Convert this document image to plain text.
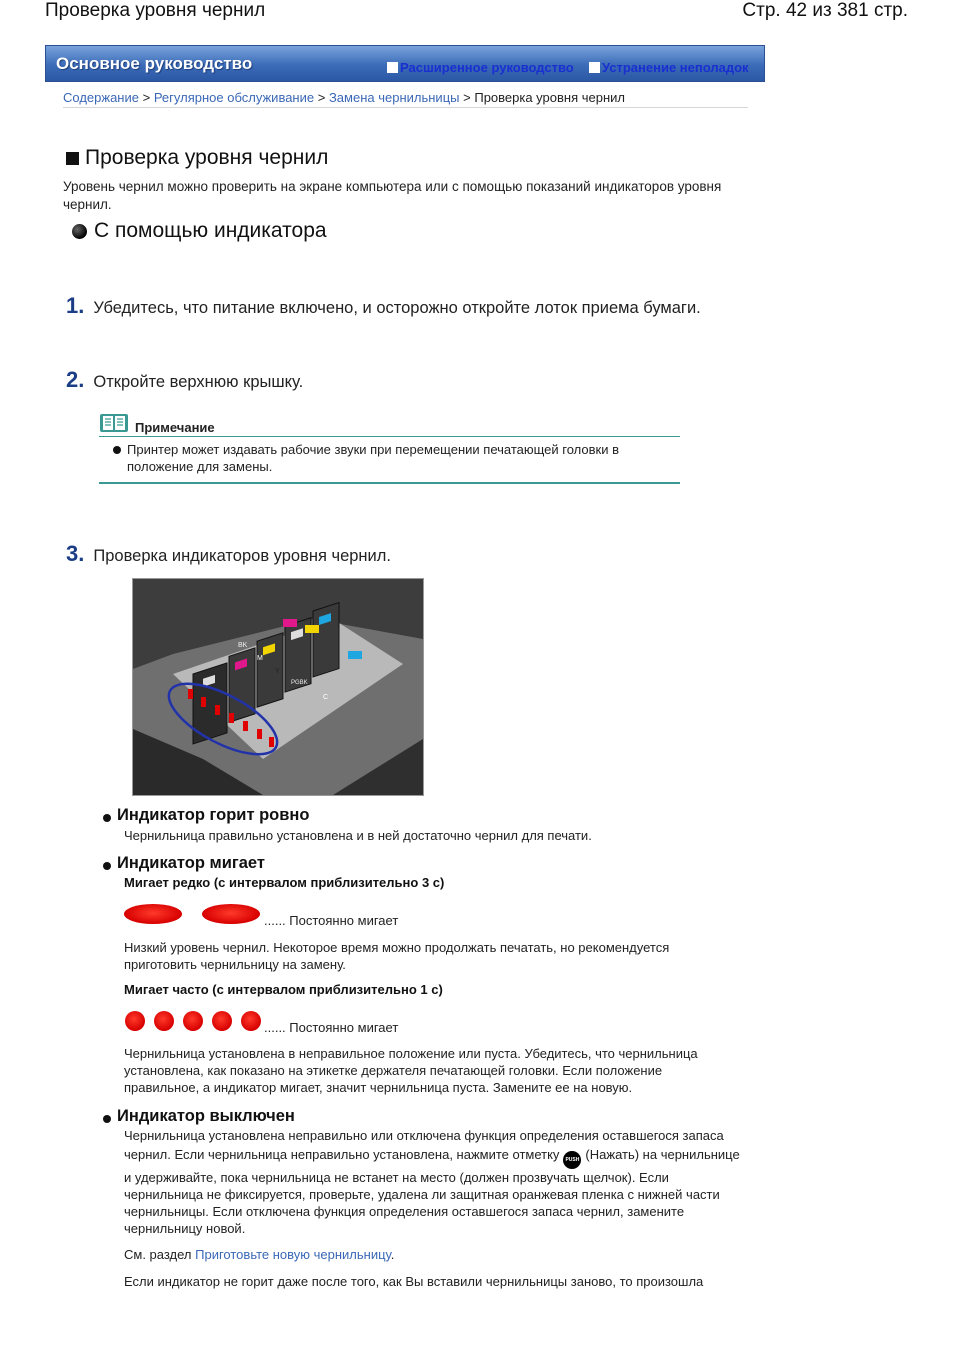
Проверка уровня чернил	Стр. 42 из 381 стр.
Основное руководство	Расширенное руководство Устранение неполадок
Содержание > Регулярное обслуживание > Замена чернильницы > Проверка уровня чернил
Проверка уровня чернил
Уровень чернил можно проверить на экране компьютера или с помощью показаний индикаторов уровня чернил.
С помощью индикатора
1. Убедитесь, что питание включено, и осторожно откройте лоток приема бумаги.
2. Откройте верхнюю крышку.
Примечание
Принтер может издавать рабочие звуки при перемещении печатающей головки в положение для замены.
3. Проверка индикаторов уровня чернил.
BK
M
Y
C
PGBK
Индикатор горит ровно
Чернильница правильно установлена и в ней достаточно чернил для печати.
Индикатор мигает
Мигает редко (с интервалом приблизительно 3 с)
...... Постоянно мигает
Низкий уровень чернил. Некоторое время можно продолжать печатать, но рекомендуется приготовить чернильницу на замену.
Мигает часто (с интервалом приблизительно 1 с)
...... Постоянно мигает
Чернильница установлена в неправильное положение или пуста. Убедитесь, что чернильница установлена, как показано на этикетке держателя печатающей головки. Если положение правильное, а индикатор мигает, значит чернильница пуста. Замените ее на новую.
Индикатор выключен
Чернильница установлена неправильно или отключена функция определения оставшегося запаса
чернил. Если чернильница неправильно установлена, нажмите отметку PUSH (Нажать) на чернильнице и удерживайте, пока чернильница не встанет на место (должен прозвучать щелчок). Если чернильница не фиксируется, проверьте, удалена ли защитная оранжевая пленка с нижней части чернильницы. Если отключена функция определения оставшегося запаса чернил, замените чернильницу новой.
См. раздел Приготовьте новую чернильницу.
Если индикатор не горит даже после того, как Вы вставили чернильницы заново, то произошла
